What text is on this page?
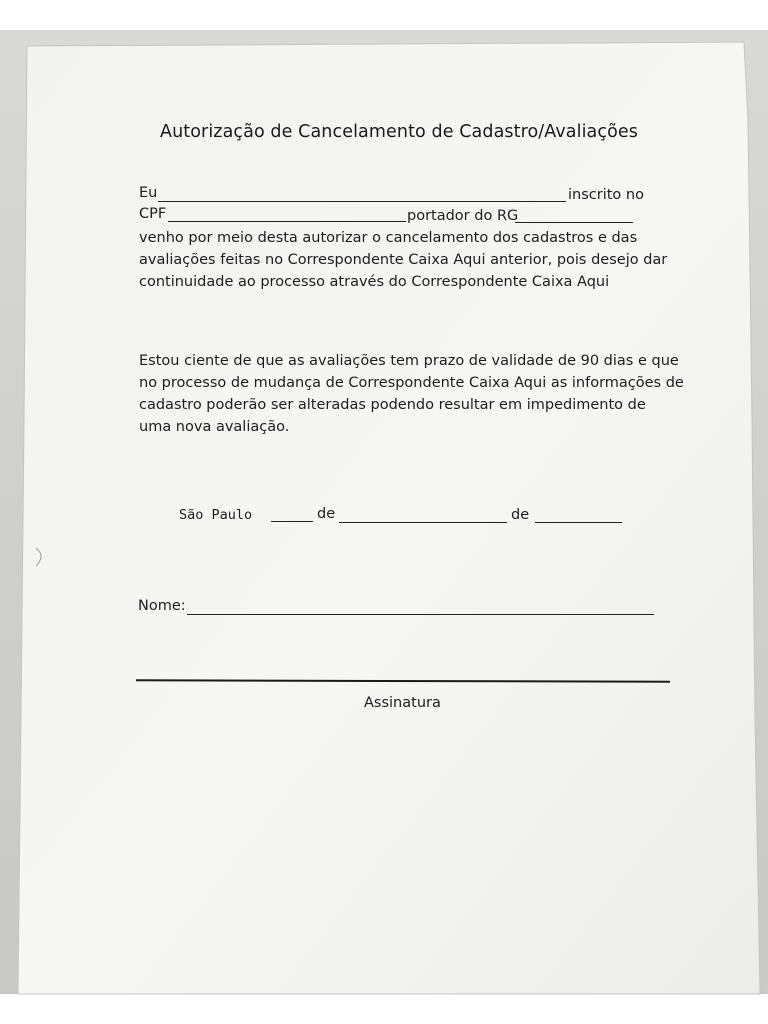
Autorização de Cancelamento de Cadastro/Avaliações
Eu	inscrito no
CPF	portador do RG
venho por meio desta autorizar o cancelamento dos cadastros e das
avaliações feitas no Correspondente Caixa Aqui anterior, pois desejo dar
continuidade ao processo através do Correspondente Caixa Aqui
Estou ciente de que as avaliações tem prazo de validade de 90 dias e que
no processo de mudança de Correspondente Caixa Aqui as informações de
cadastro poderão ser alteradas podendo resultar em impedimento de
uma nova avaliação.
São Paulo	de	de
Nome:
Assinatura
